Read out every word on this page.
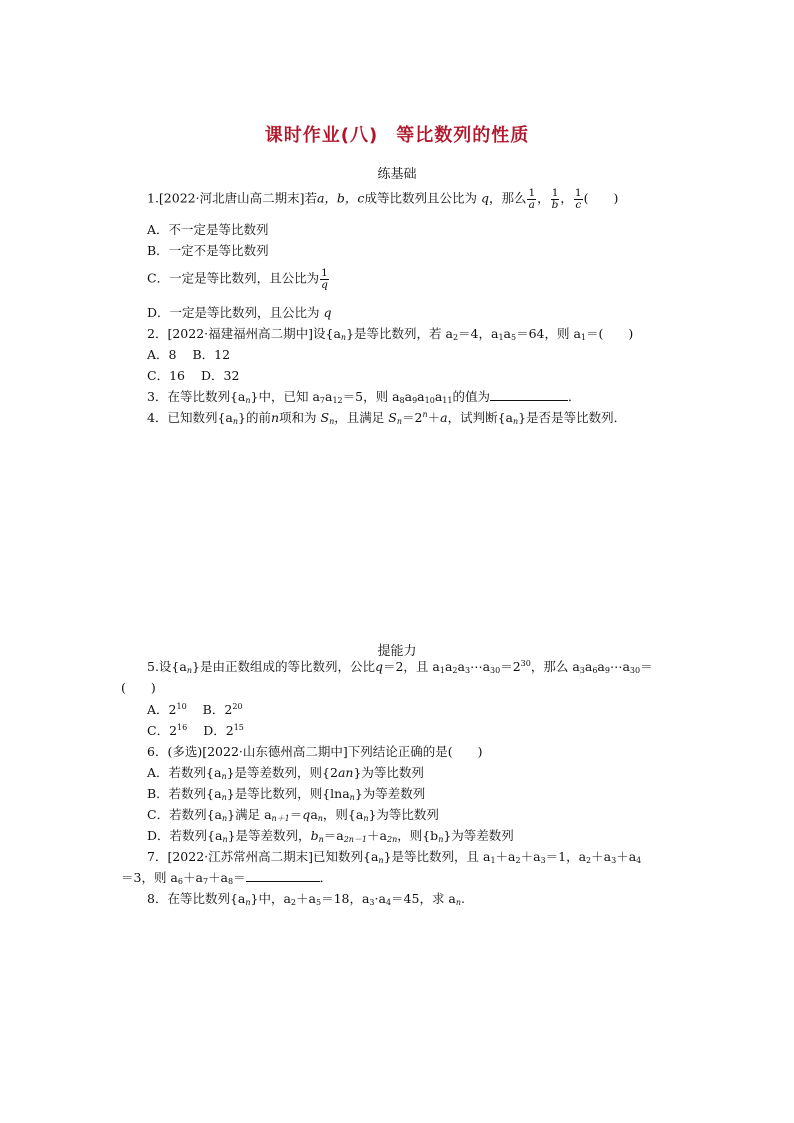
课时作业(八) 等比数列的性质
练基础
1.[2022·河北唐山高二期末]若a，b，c成等比数列且公比为 q，那么 $\frac{1}{a}$ ， $\frac{1}{b}$ ， $\frac{1}{c}$ (　　)
A．不一定是等比数列
B．一定不是等比数列
C．一定是等比数列，且公比为 $\frac{1}{q}$
D．一定是等比数列，且公比为 q
2．[2022·福建福州高二期中]设$\{a_n\}$是等比数列，若 $a_2=4$，$a_1a_5=64$，则 $a_1=$(　　)
A．8 B．12
C．16 D．32
3．在等比数列$\{a_n\}$中，已知 $a_7a_{12}=5$，则 $a_8a_9a_{10}a_{11}$的值为	．
4．已知数列$\{a_n\}$的前n项和为 $S_n$，且满足 $S_n=2^n+a$，试判断$\{a_n\}$是否是等比数列．
提能力
5.设$\{a_n\}$是由正数组成的等比数列，公比q＝2，且 $a_1a_2a_3\cdots a_{30}=2^{30}$，那么 $a_3a_6a_9\cdots a_{30}=$
(　　)
A．$2^{10}$ B．$2^{20}$
C．$2^{16}$ D．$2^{15}$
6．(多选)[2022·山东德州高二期中]下列结论正确的是(　　)
A．若数列$\{a_n\}$是等差数列，则{2an}为等比数列
B．若数列$\{a_n\}$是等比数列，则{lna$_n$}为等差数列
C．若数列$\{a_n\}$满足 $a_{n+1}=qa_n$，则$\{a_n\}$为等比数列
D．若数列$\{a_n\}$是等差数列，$b_n=a_{2n-1}+a_{2n}$，则$\{b_n\}$为等差数列
7．[2022·江苏常州高二期末]已知数列$\{a_n\}$是等比数列，且 $a_1+a_2+a_3=1$，$a_2+a_3+a_4$
＝3，则 $a_6+a_7+a_8=$	．
8．在等比数列$\{a_n\}$中，$a_2+a_5=18$，$a_3\cdot a_4=45$，求 $a_n$.
